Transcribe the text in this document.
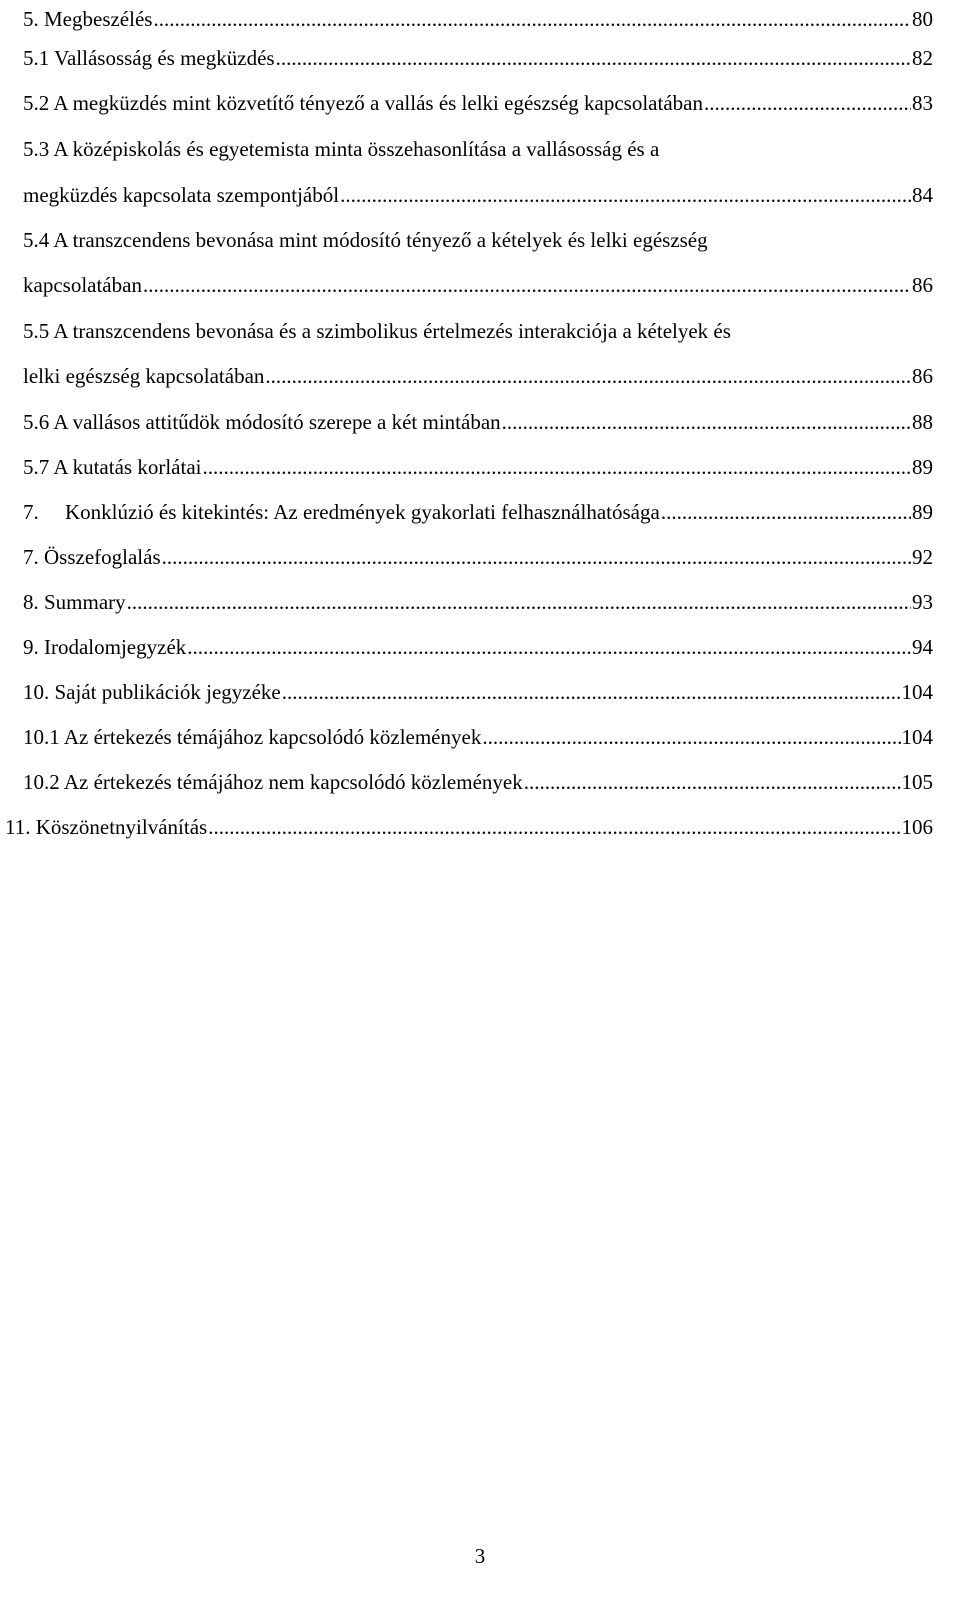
5. Megbeszélés .....	80
5.1 Vallásosság és megküzdés .....	82
5.2 A megküzdés mint közvetítő tényező a vallás és lelki egészség kapcsolatában .....	83
5.3 A középiskolás és egyetemista minta összehasonlítása a vallásosság és a
megküzdés kapcsolata szempontjából .....	84
5.4 A transzcendens bevonása mint módosító tényező a kételyek és lelki egészség
kapcsolatában .....	86
5.5 A transzcendens bevonása és a szimbolikus értelmezés interakciója a kételyek és
lelki egészség kapcsolatában .....	86
5.6 A vallásos attitűdök módosító szerepe a két mintában .....	88
5.7 A kutatás korlátai .....	89
7. Konklúzió és kitekintés: Az eredmények gyakorlati felhasználhatósága .....	89
7. Összefoglalás .....	92
8. Summary .....	93
9. Irodalomjegyzék .....	94
10. Saját publikációk jegyzéke .....	104
10.1 Az értekezés témájához kapcsolódó közlemények .....	104
10.2 Az értekezés témájához nem kapcsolódó közlemények .....	105
11. Köszönetnyilvánítás .....	106
3
